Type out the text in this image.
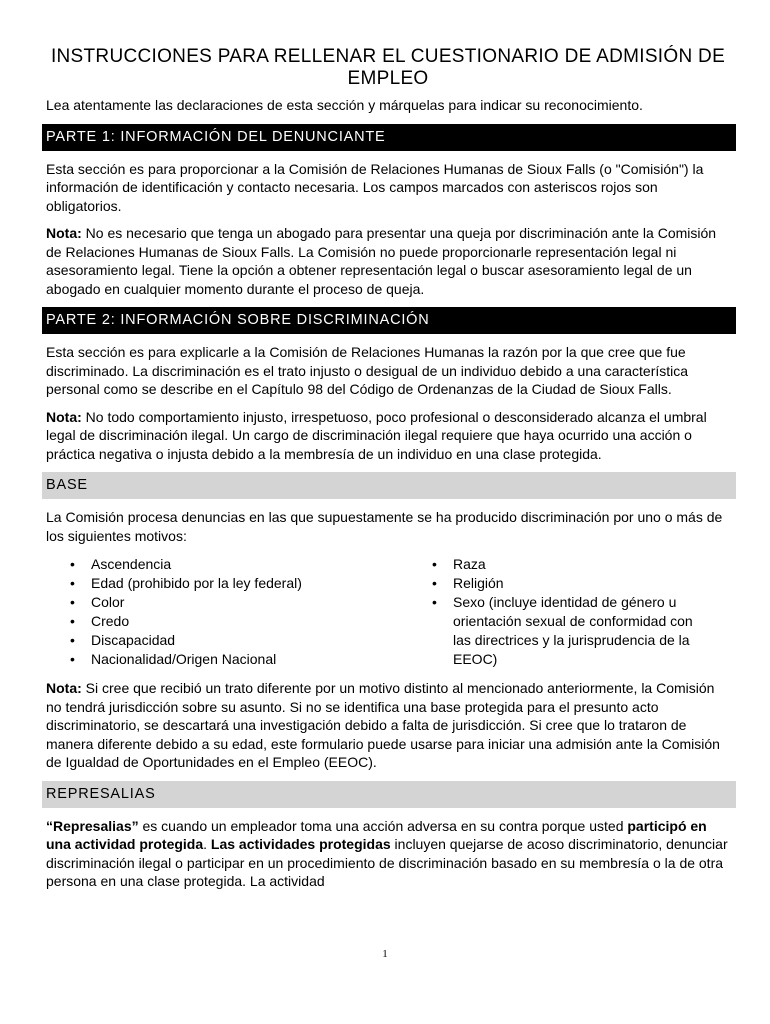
INSTRUCCIONES PARA RELLENAR EL CUESTIONARIO DE ADMISIÓN DE EMPLEO

Lea atentamente las declaraciones de esta sección y márquelas para indicar su reconocimiento.

PARTE 1: INFORMACIÓN DEL DENUNCIANTE

Esta sección es para proporcionar a la Comisión de Relaciones Humanas de Sioux Falls (o "Comisión") la información de identificación y contacto necesaria. Los campos marcados con asteriscos rojos son obligatorios.

Nota: No es necesario que tenga un abogado para presentar una queja por discriminación ante la Comisión de Relaciones Humanas de Sioux Falls. La Comisión no puede proporcionarle representación legal ni asesoramiento legal. Tiene la opción a obtener representación legal o buscar asesoramiento legal de un abogado en cualquier momento durante el proceso de queja.

PARTE 2: INFORMACIÓN SOBRE DISCRIMINACIÓN

Esta sección es para explicarle a la Comisión de Relaciones Humanas la razón por la que cree que fue discriminado. La discriminación es el trato injusto o desigual de un individuo debido a una característica personal como se describe en el Capítulo 98 del Código de Ordenanzas de la Ciudad de Sioux Falls.

Nota: No todo comportamiento injusto, irrespetuoso, poco profesional o desconsiderado alcanza el umbral legal de discriminación ilegal. Un cargo de discriminación ilegal requiere que haya ocurrido una acción o práctica negativa o injusta debido a la membresía de un individuo en una clase protegida.

BASE

La Comisión procesa denuncias en las que supuestamente se ha producido discriminación por uno o más de los siguientes motivos:

• Ascendencia
• Edad (prohibido por la ley federal)
• Color
• Credo
• Discapacidad
• Nacionalidad/Origen Nacional
• Raza
• Religión
• Sexo (incluye identidad de género u orientación sexual de conformidad con las directrices y la jurisprudencia de la EEOC)

Nota: Si cree que recibió un trato diferente por un motivo distinto al mencionado anteriormente, la Comisión no tendrá jurisdicción sobre su asunto. Si no se identifica una base protegida para el presunto acto discriminatorio, se descartará una investigación debido a falta de jurisdicción. Si cree que lo trataron de manera diferente debido a su edad, este formulario puede usarse para iniciar una admisión ante la Comisión de Igualdad de Oportunidades en el Empleo (EEOC).

REPRESALIAS

“Represalias” es cuando un empleador toma una acción adversa en su contra porque usted participó en una actividad protegida. Las actividades protegidas incluyen quejarse de acoso discriminatorio, denunciar discriminación ilegal o participar en un procedimiento de discriminación basado en su membresía o la de otra persona en una clase protegida. La actividad

1
